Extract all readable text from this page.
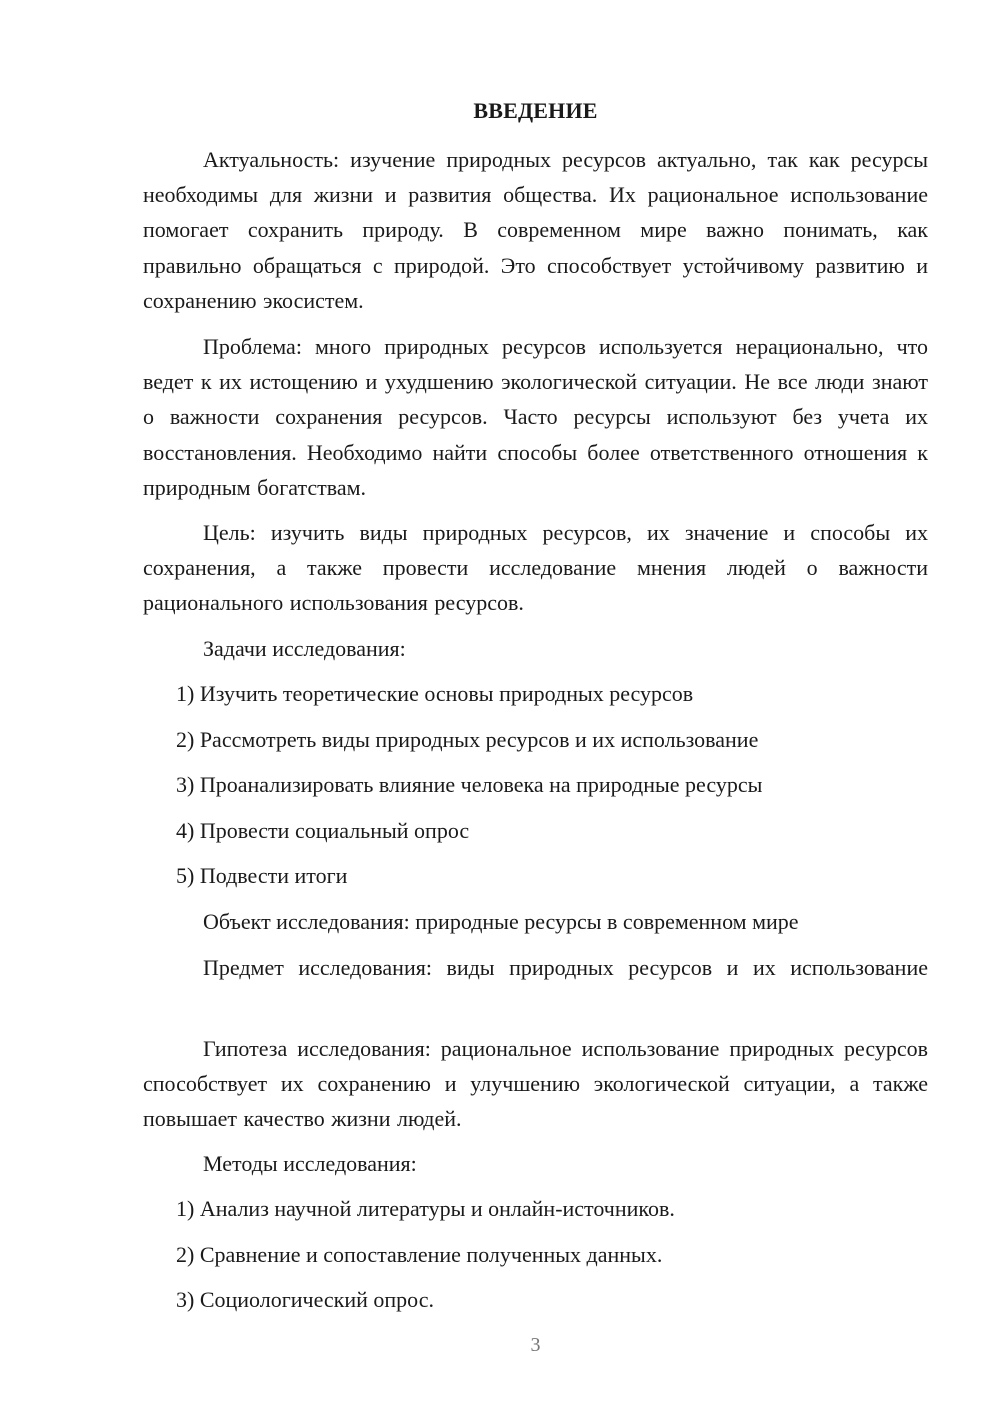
ВВЕДЕНИЕ
Актуальность: изучение природных ресурсов актуально, так как ресурсы необходимы для жизни и развития общества. Их рациональное использование помогает сохранить природу. В современном мире важно понимать, как правильно обращаться с природой. Это способствует устойчивому развитию и сохранению экосистем.
Проблема: много природных ресурсов используется нерационально, что ведет к их истощению и ухудшению экологической ситуации. Не все люди знают о важности сохранения ресурсов. Часто ресурсы используют без учета их восстановления. Необходимо найти способы более ответственного отношения к природным богатствам.
Цель: изучить виды природных ресурсов, их значение и способы их сохранения, а также провести исследование мнения людей о важности рационального использования ресурсов.
Задачи исследования:
1) Изучить теоретические основы природных ресурсов
2) Рассмотреть виды природных ресурсов и их использование
3) Проанализировать влияние человека на природные ресурсы
4) Провести социальный опрос
5) Подвести итоги
Объект исследования: природные ресурсы в современном мире
Предмет исследования: виды природных ресурсов и их использование
Гипотеза исследования: рациональное использование природных ресурсов способствует их сохранению и улучшению экологической ситуации, а также повышает качество жизни людей.
Методы исследования:
1) Анализ научной литературы и онлайн-источников.
2) Сравнение и сопоставление полученных данных.
3) Социологический опрос.
3
